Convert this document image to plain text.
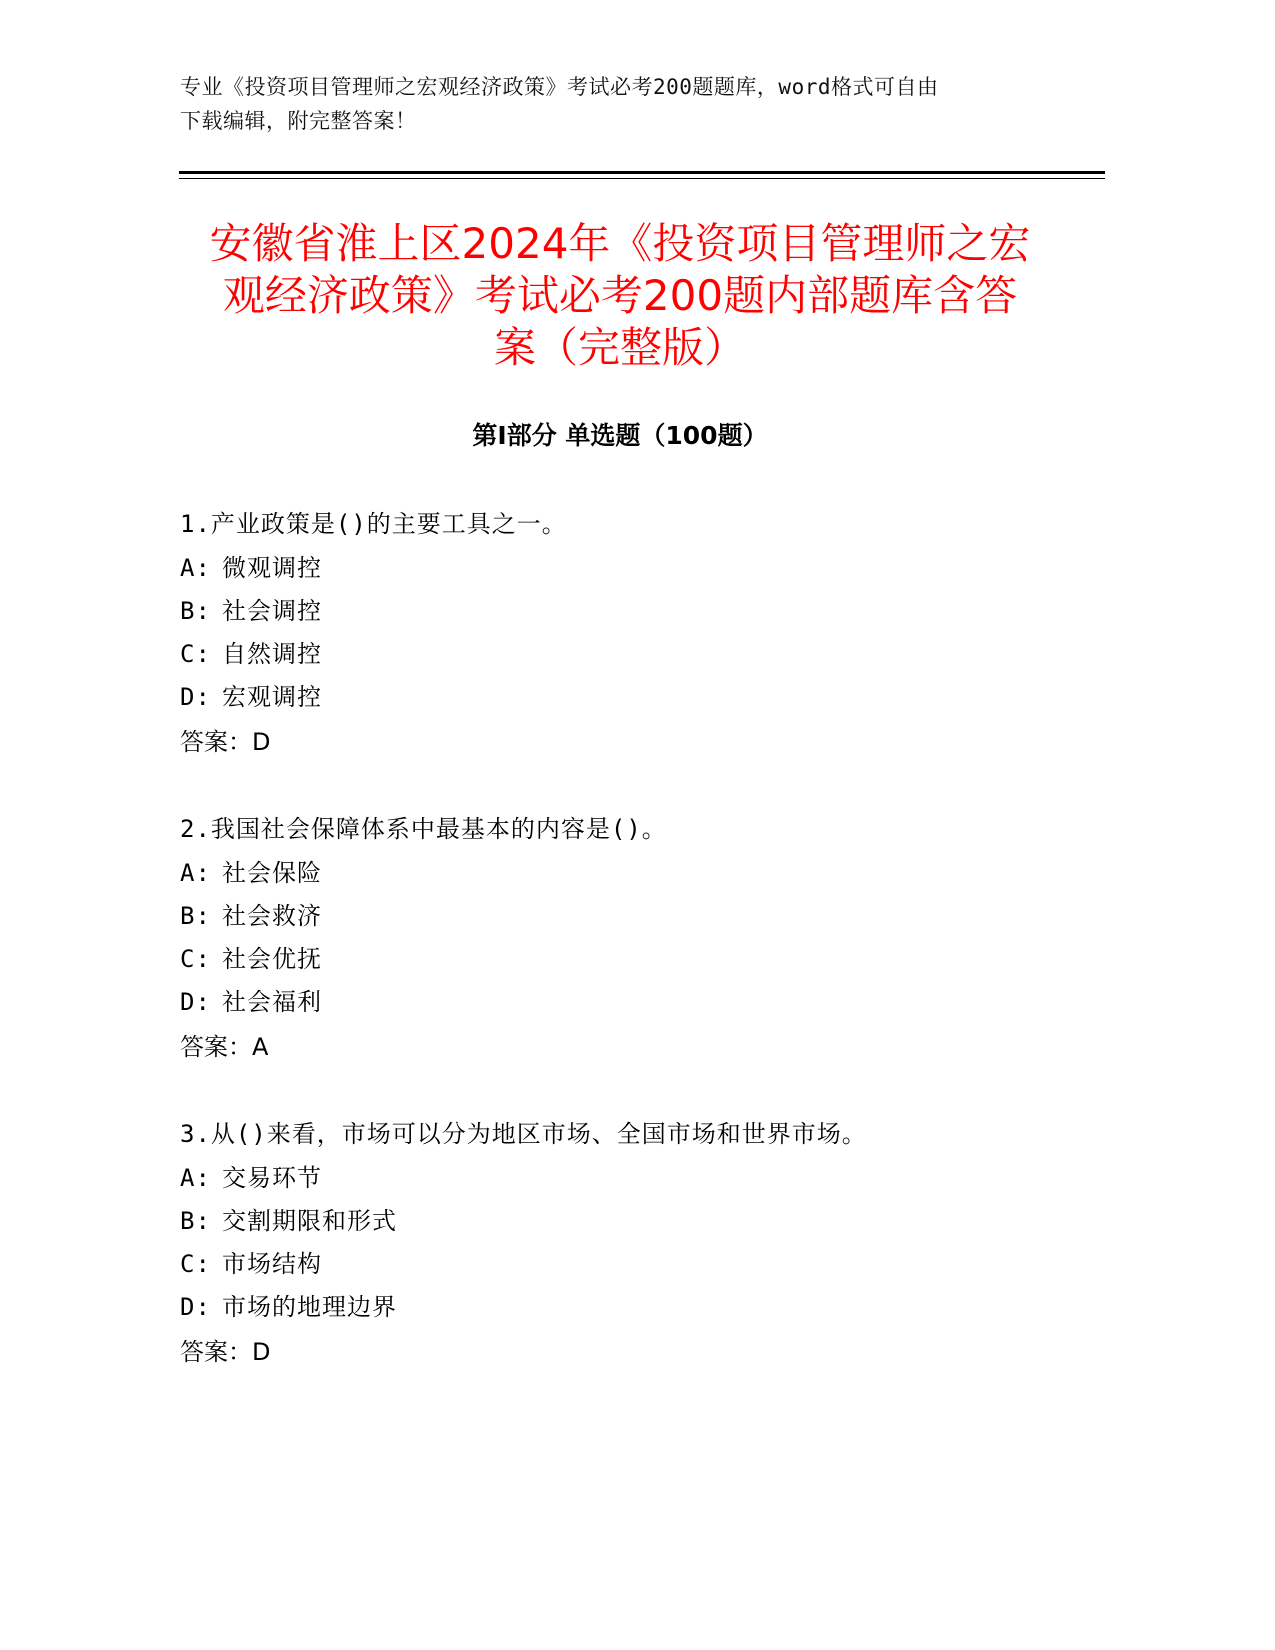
专业《投资项目管理师之宏观经济政策》考试必考200题题库，word格式可自由
下载编辑，附完整答案！
安徽省淮上区2024年《投资项目管理师之宏
观经济政策》考试必考200题内部题库含答
案（完整版）
第I部分 单选题（100题）
1.产业政策是()的主要工具之一。
A: 微观调控
B: 社会调控
C: 自然调控
D: 宏观调控
答案：D
2.我国社会保障体系中最基本的内容是()。
A: 社会保险
B: 社会救济
C: 社会优抚
D: 社会福利
答案：A
3.从()来看，市场可以分为地区市场、全国市场和世界市场。
A: 交易环节
B: 交割期限和形式
C: 市场结构
D: 市场的地理边界
答案：D
